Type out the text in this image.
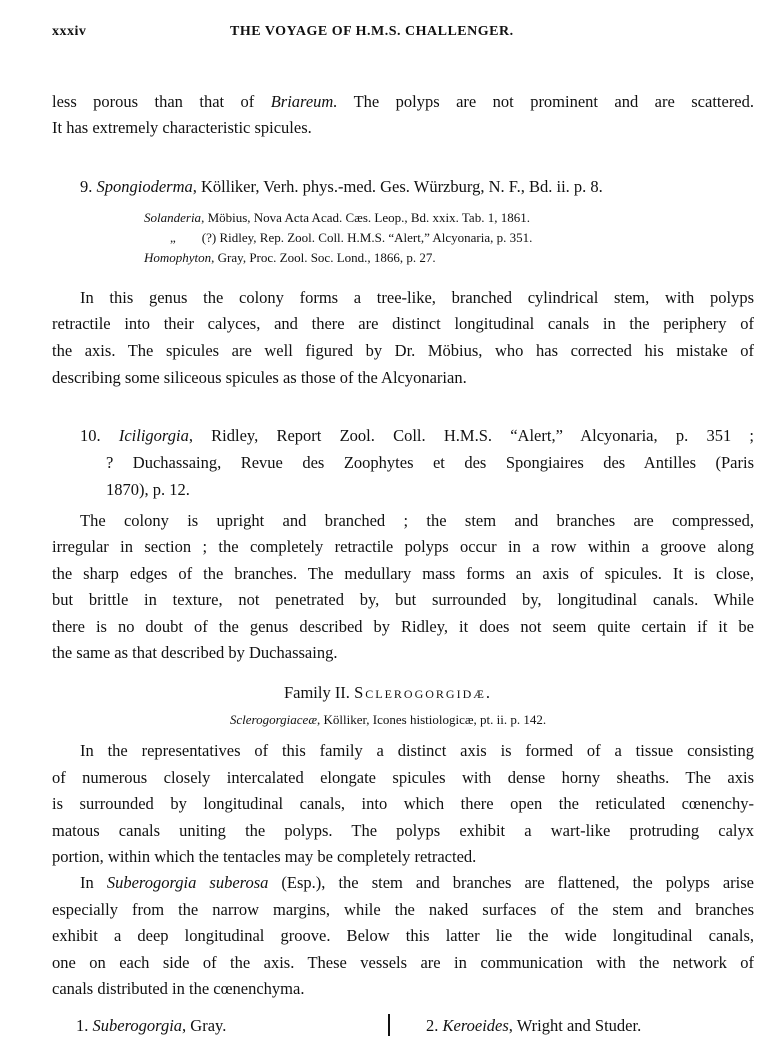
xxxiv	THE VOYAGE OF H.M.S. CHALLENGER.
less porous than that of Briareum. The polyps are not prominent and are scattered.
It has extremely characteristic spicules.
9. Spongioderma, Kölliker, Verh. phys.-med. Ges. Würzburg, N. F., Bd. ii. p. 8.
Solanderia, Möbius, Nova Acta Acad. Cæs. Leop., Bd. xxix. Tab. 1, 1861.
„ (?) Ridley, Rep. Zool. Coll. H.M.S. “Alert,” Alcyonaria, p. 351.
Homophyton, Gray, Proc. Zool. Soc. Lond., 1866, p. 27.
In this genus the colony forms a tree-like, branched cylindrical stem, with polyps
retractile into their calyces, and there are distinct longitudinal canals in the periphery of
the axis. The spicules are well figured by Dr. Möbius, who has corrected his mistake of
describing some siliceous spicules as those of the Alcyonarian.
10. Iciligorgia, Ridley, Report Zool. Coll. H.M.S. “Alert,” Alcyonaria, p. 351 ;
? Duchassaing, Revue des Zoophytes et des Spongiaires des Antilles (Paris
1870), p. 12.
The colony is upright and branched ; the stem and branches are compressed,
irregular in section ; the completely retractile polyps occur in a row within a groove along
the sharp edges of the branches. The medullary mass forms an axis of spicules. It is close,
but brittle in texture, not penetrated by, but surrounded by, longitudinal canals. While
there is no doubt of the genus described by Ridley, it does not seem quite certain if it be
the same as that described by Duchassaing.
Family II. Sclerogorgidæ.
Sclerogorgiaceæ, Kölliker, Icones histiologicæ, pt. ii. p. 142.
In the representatives of this family a distinct axis is formed of a tissue consisting
of numerous closely intercalated elongate spicules with dense horny sheaths. The axis
is surrounded by longitudinal canals, into which there open the reticulated cœnenchy-
matous canals uniting the polyps. The polyps exhibit a wart-like protruding calyx
portion, within which the tentacles may be completely retracted.
In Suberogorgia suberosa (Esp.), the stem and branches are flattened, the polyps arise
especially from the narrow margins, while the naked surfaces of the stem and branches
exhibit a deep longitudinal groove. Below this latter lie the wide longitudinal canals,
one on each side of the axis. These vessels are in communication with the network of
canals distributed in the cœnenchyma.
1. Suberogorgia, Gray.	2. Keroeides, Wright and Studer.
